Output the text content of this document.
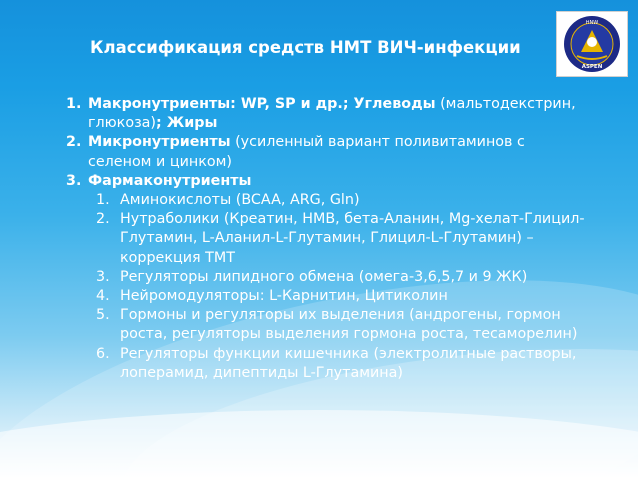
Классификация средств НМТ ВИЧ-инфекции
HNW
ASPEN
1. Макронутриенты: WP, SP и др.; Углеводы (мальтодекстрин, глюкоза); Жиры
2. Микронутриенты (усиленный вариант поливитаминов с селеном и цинком)
3. Фармаконутриенты
1. Аминокислоты (BCAA, ARG, Gln)
2. Нутраболики (Креатин, HMB, бета-Аланин, Mg-хелат-Глицил-Глутамин, L-Аланил-L-Глутамин, Глицил-L-Глутамин) – коррекция ТМТ
3. Регуляторы липидного обмена (омега-3,6,5,7 и 9 ЖК)
4. Нейромодуляторы: L-Карнитин, Цитиколин
5. Гормоны и регуляторы их выделения (андрогены, гормон роста, регуляторы выделения гормона роста, тесаморелин)
6. Регуляторы функции кишечника (электролитные растворы, лоперамид, дипептиды L-Глутамина)
